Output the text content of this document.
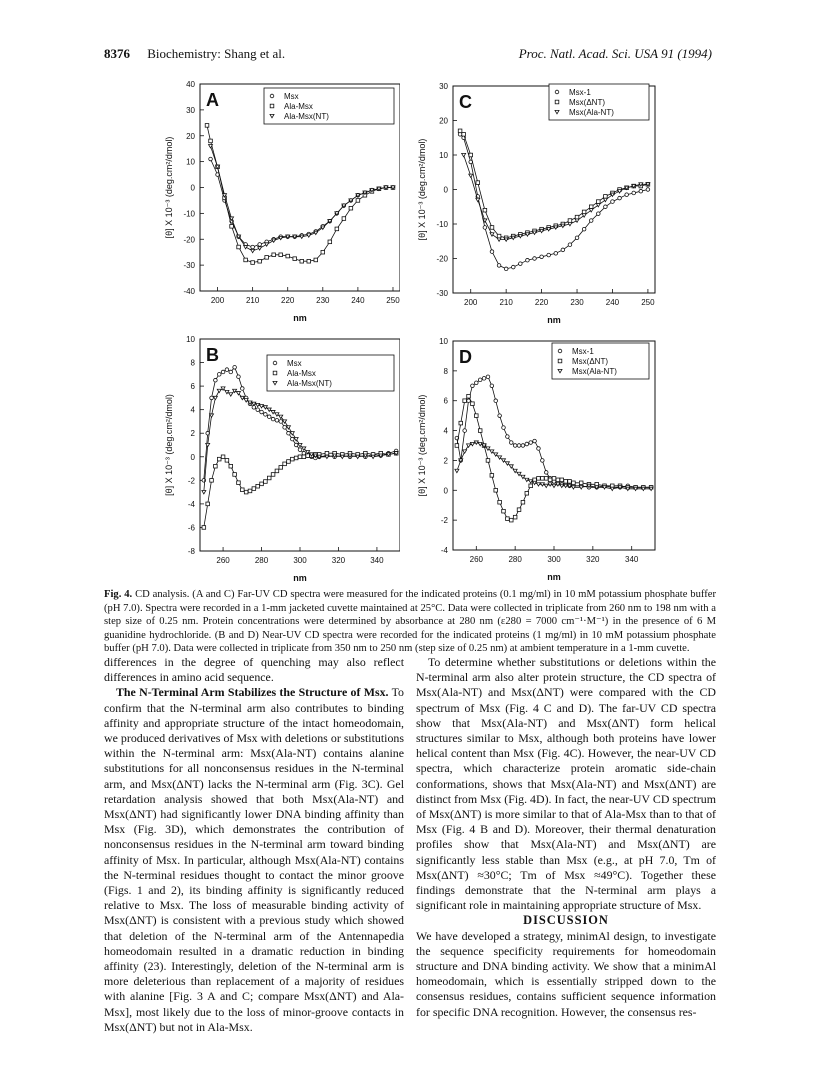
8376 Biochemistry: Shang et al.	Proc. Natl. Acad. Sci. USA 91 (1994)
-40
-30
-20
-10
0
10
20
30
40
200	210	220	230	240	250
nm
[θ] X 10⁻³ (deg.cm²/dmol)
A	Msx
Ala-Msx
Ala-Msx(NT)
-30
-20
-10
0
10
20
30
200	210	220	230	240	250
nm
[θ] X 10⁻³ (deg.cm²/dmol)
C	Msx-1
Msx(ΔNT)
Msx(Ala-NT)
-8
-6
-4
-2
0
2
4
6
8
10
260	280	300	320	340
nm
[θ] X 10⁻³ (deg.cm²/dmol)
B	Msx
Ala-Msx
Ala-Msx(NT)
-4
-2
0
2
4
6
8
10
260	280	300	320	340
nm
[θ] X 10⁻³ (deg.cm²/dmol)
D	Msx-1
Msx(ΔNT)
Msx(Ala-NT)
Fig. 4. CD analysis. (A and C) Far-UV CD spectra were measured for the indicated proteins (0.1 mg/ml) in 10 mM potassium phosphate buffer (pH 7.0). Spectra were recorded in a 1-mm jacketed cuvette maintained at 25°C. Data were collected in triplicate from 260 nm to 198 nm with a step size of 0.25 nm. Protein concentrations were determined by absorbance at 280 nm (ε280 = 7000 cm⁻¹·M⁻¹) in the presence of 6 M guanidine hydrochloride. (B and D) Near-UV CD spectra were recorded for the indicated proteins (1 mg/ml) in 10 mM potassium phosphate buffer (pH 7.0). Data were collected in triplicate from 350 nm to 250 nm (step size of 0.25 nm) at ambient temperature in a 1-mm cuvette.

differences in the degree of quenching may also reflect differences in amino acid sequence.

The N-Terminal Arm Stabilizes the Structure of Msx. To confirm that the N-terminal arm also contributes to binding affinity and appropriate structure of the intact homeodomain, we produced derivatives of Msx with deletions or substitutions within the N-terminal arm: Msx(Ala-NT) contains alanine substitutions for all nonconsensus residues in the N-terminal arm, and Msx(ΔNT) lacks the N-terminal arm (Fig. 3C). Gel retardation analysis showed that both Msx(Ala-NT) and Msx(ΔNT) had significantly lower DNA binding affinity than Msx (Fig. 3D), which demonstrates the contribution of nonconsensus residues in the N-terminal arm toward binding affinity of Msx. In particular, although Msx(Ala-NT) contains the N-terminal residues thought to contact the minor groove (Figs. 1 and 2), its binding affinity is significantly reduced relative to Msx. The loss of measurable binding activity of Msx(ΔNT) is consistent with a previous study which showed that deletion of the N-terminal arm of the Antennapedia homeodomain resulted in a dramatic reduction in binding affinity (23). Interestingly, deletion of the N-terminal arm is more deleterious than replacement of a majority of residues with alanine [Fig. 3 A and C; compare Msx(ΔNT) and Ala-Msx], most likely due to the loss of minor-groove contacts in Msx(ΔNT) but not in Ala-Msx.

To determine whether substitutions or deletions within the N-terminal arm also alter protein structure, the CD spectra of Msx(Ala-NT) and Msx(ΔNT) were compared with the CD spectrum of Msx (Fig. 4 C and D). The far-UV CD spectra show that Msx(Ala-NT) and Msx(ΔNT) form helical structures similar to Msx, although both proteins have lower helical content than Msx (Fig. 4C). However, the near-UV CD spectra, which characterize protein aromatic side-chain conformations, shows that Msx(Ala-NT) and Msx(ΔNT) are distinct from Msx (Fig. 4D). In fact, the near-UV CD spectrum of Msx(ΔNT) is more similar to that of Ala-Msx than to that of Msx (Fig. 4 B and D). Moreover, their thermal denaturation profiles show that Msx(Ala-NT) and Msx(ΔNT) are significantly less stable than Msx (e.g., at pH 7.0, Tm of Msx(ΔNT) ≈30°C; Tm of Msx ≈49°C). Together these findings demonstrate that the N-terminal arm plays a significant role in maintaining appropriate structure of Msx.

DISCUSSION

We have developed a strategy, minimAl design, to investigate the sequence specificity requirements for homeodomain structure and DNA binding activity. We show that a minimAl homeodomain, which is essentially stripped down to the consensus residues, contains sufficient sequence information for specific DNA recognition. However, the consensus res-
